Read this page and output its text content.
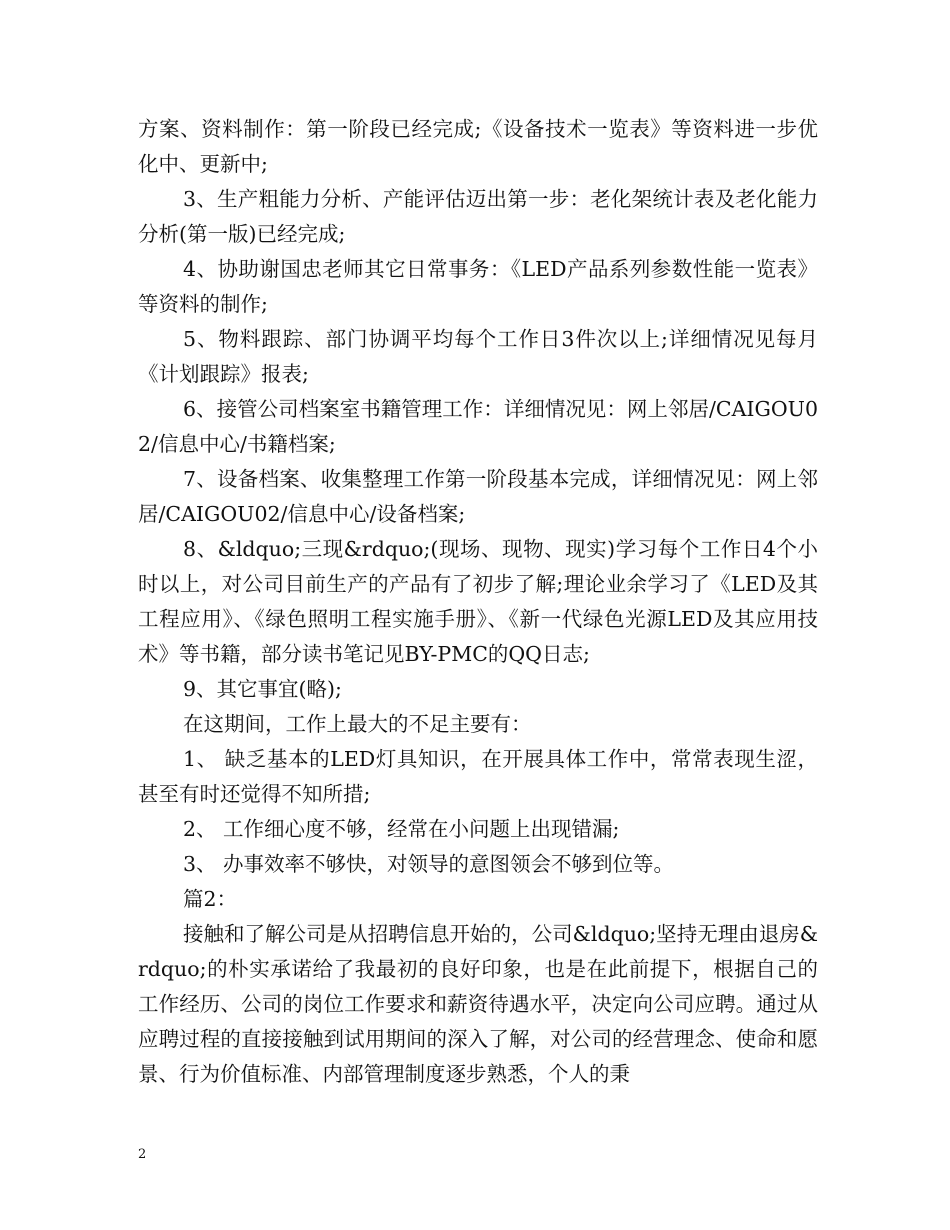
方案、资料制作：第一阶段已经完成;《设备技术一览表》等资料进一步优化中、更新中;

3、生产粗能力分析、产能评估迈出第一步：老化架统计表及老化能力分析(第一版)已经完成;

4、协助谢国忠老师其它日常事务：《LED产品系列参数性能一览表》等资料的制作;

5、物料跟踪、部门协调平均每个工作日3件次以上;详细情况见每月《计划跟踪》报表;

6、接管公司档案室书籍管理工作：详细情况见：网上邻居/CAIGOU02/信息中心/书籍档案;

7、设备档案、收集整理工作第一阶段基本完成，详细情况见：网上邻居/CAIGOU02/信息中心/设备档案;

8、&ldquo;三现&rdquo;(现场、现物、现实)学习每个工作日4个小时以上，对公司目前生产的产品有了初步了解;理论业余学习了《LED及其工程应用》、《绿色照明工程实施手册》、《新一代绿色光源LED及其应用技术》等书籍，部分读书笔记见BY-PMC的QQ日志;

9、其它事宜(略);

在这期间，工作上最大的不足主要有：

1、 缺乏基本的LED灯具知识，在开展具体工作中，常常表现生涩，甚至有时还觉得不知所措;

2、 工作细心度不够，经常在小问题上出现错漏;

3、 办事效率不够快，对领导的意图领会不够到位等。

篇2：

接触和了解公司是从招聘信息开始的，公司&ldquo;坚持无理由退房&rdquo;的朴实承诺给了我最初的良好印象，也是在此前提下，根据自己的工作经历、公司的岗位工作要求和薪资待遇水平，决定向公司应聘。通过从应聘过程的直接接触到试用期间的深入了解，对公司的经营理念、使命和愿景、行为价值标准、内部管理制度逐步熟悉，个人的秉

2
